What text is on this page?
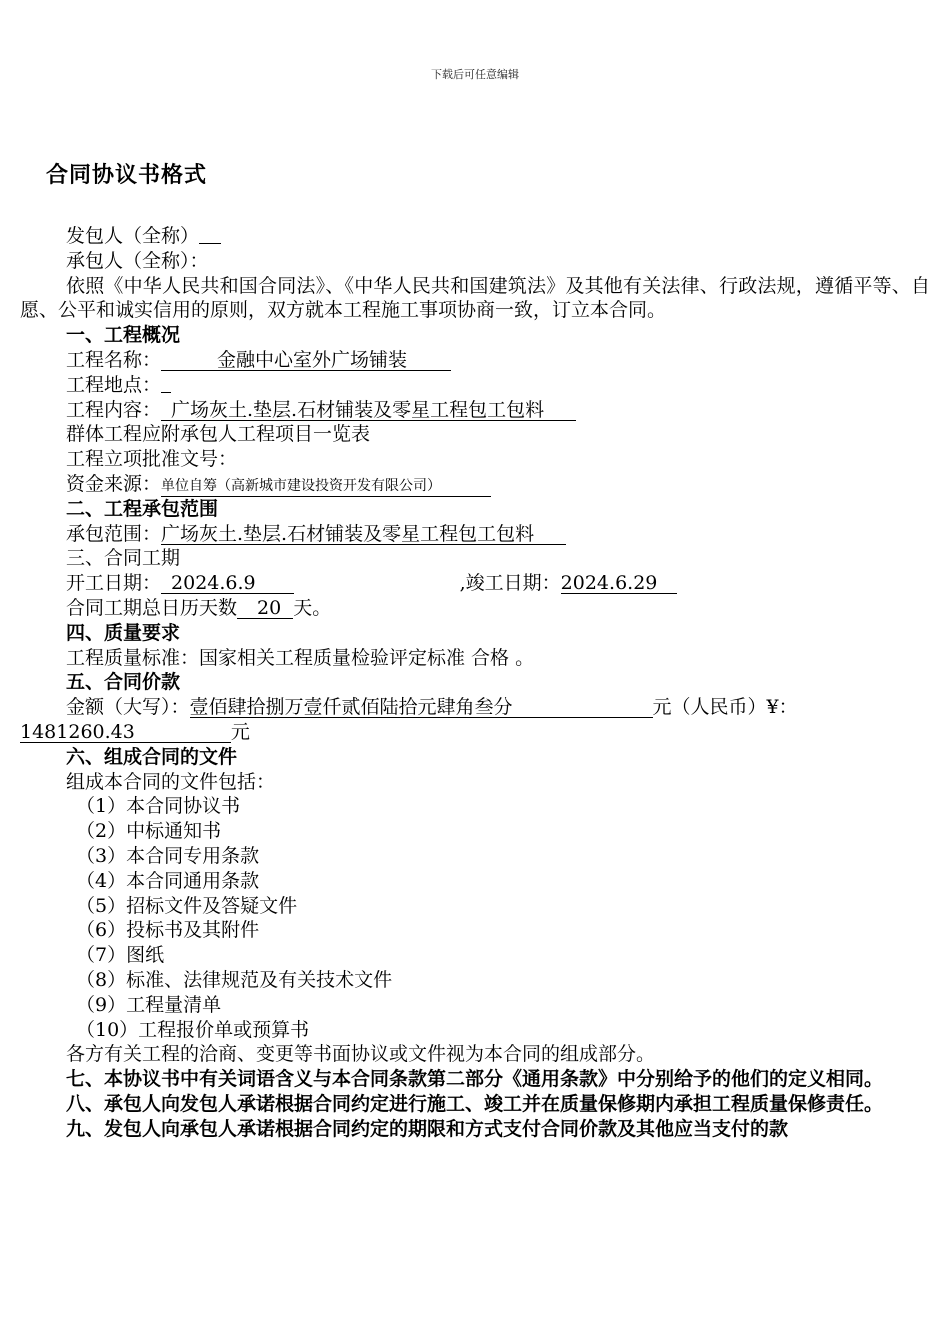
下载后可任意编辑
合同协议书格式
发包人（全称）
承包人（全称）：
依照《中华人民共和国合同法》、《中华人民共和国建筑法》及其他有关法律、行政法规，遵循平等、自愿、公平和诚实信用的原则，双方就本工程施工事项协商一致，订立本合同。
一、工程概况
工程名称：	金融中心室外广场铺装
工程地点：
工程内容： 广场灰土.垫层.石材铺装及零星工程包工包料
群体工程应附承包人工程项目一览表
工程立项批准文号：
资金来源：单位自筹（高新城市建设投资开发有限公司）
二、工程承包范围
承包范围：广场灰土.垫层.石材铺装及零星工程包工包料
三、合同工期
开工日期： 2024.6.9	,竣工日期：2024.6.29
合同工期总日历天数 20 天。
四、质量要求
工程质量标准：国家相关工程质量检验评定标准 合格 。
五、合同价款
金额（大写）：壹佰肆拾捌万壹仟贰佰陆拾元肆角叁分	元（人民币）¥：
1481260.43	元
六、组成合同的文件
组成本合同的文件包括：
（1）本合同协议书
（2）中标通知书
（3）本合同专用条款
（4）本合同通用条款
（5）招标文件及答疑文件
（6）投标书及其附件
（7）图纸
（8）标准、法律规范及有关技术文件
（9）工程量清单
（10）工程报价单或预算书
各方有关工程的洽商、变更等书面协议或文件视为本合同的组成部分。
七、本协议书中有关词语含义与本合同条款第二部分《通用条款》中分别给予的他们的定义相同。
八、承包人向发包人承诺根据合同约定进行施工、竣工并在质量保修期内承担工程质量保修责任。
九、发包人向承包人承诺根据合同约定的期限和方式支付合同价款及其他应当支付的款
